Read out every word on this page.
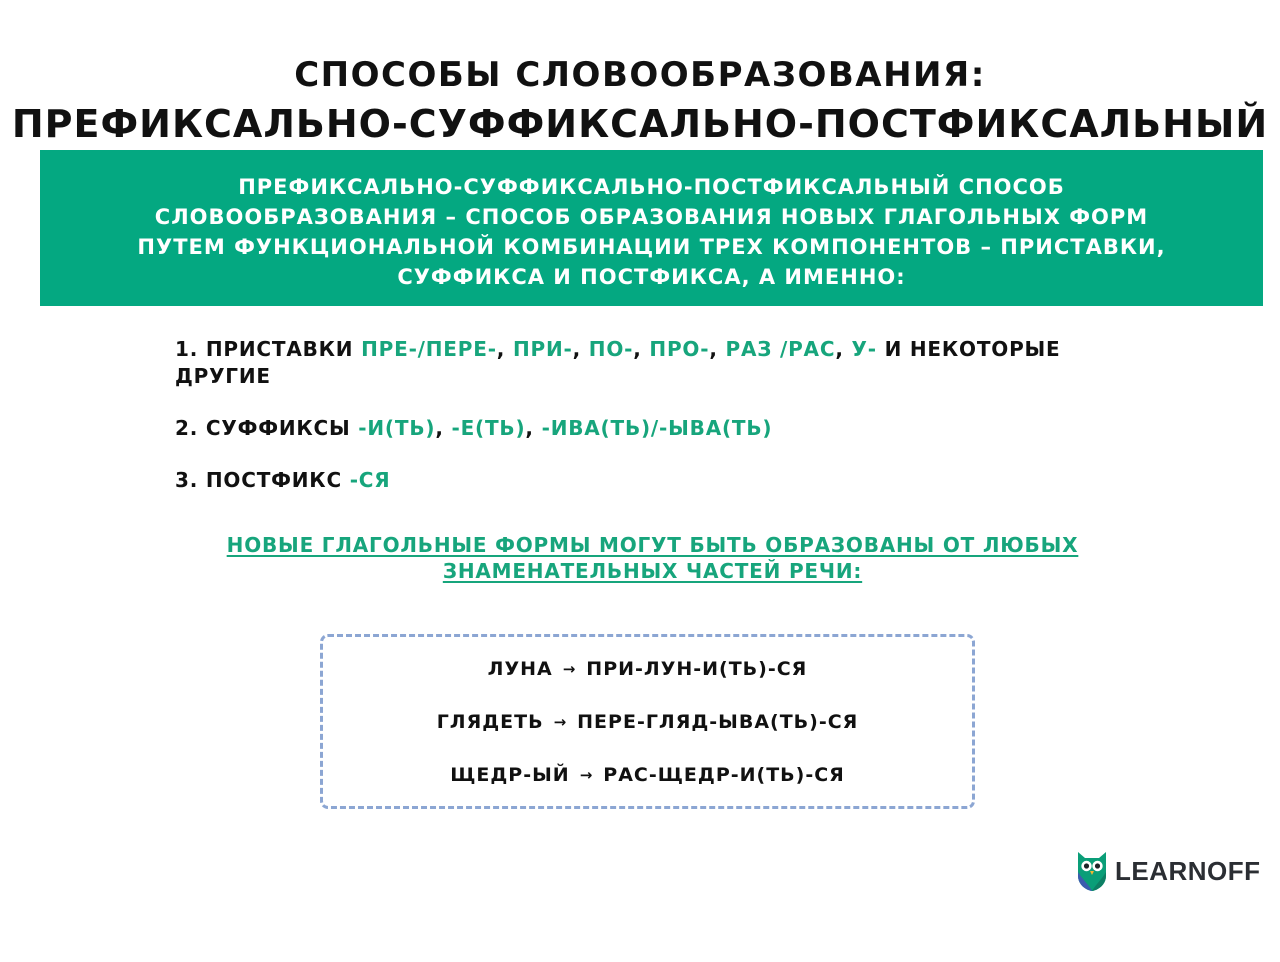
СПОСОБЫ СЛОВООБРАЗОВАНИЯ:
ПРЕФИКСАЛЬНО-СУФФИКСАЛЬНО-ПОСТФИКСАЛЬНЫЙ
ПРЕФИКСАЛЬНО-СУФФИКСАЛЬНО-ПОСТФИКСАЛЬНЫЙ СПОСОБ СЛОВООБРАЗОВАНИЯ – СПОСОБ ОБРАЗОВАНИЯ НОВЫХ ГЛАГОЛЬНЫХ ФОРМ ПУТЕМ ФУНКЦИОНАЛЬНОЙ КОМБИНАЦИИ ТРЕХ КОМПОНЕНТОВ – ПРИСТАВКИ, СУФФИКСА И ПОСТФИКСА, А ИМЕННО:
1. ПРИСТАВКИ ПРЕ-/ПЕРЕ-, ПРИ-, ПО-, ПРО-, РАЗ /РАС, У- И НЕКОТОРЫЕ ДРУГИЕ
2. СУФФИКСЫ -И(ТЬ), -Е(ТЬ), -ИВА(ТЬ)/-ЫВА(ТЬ)
3. ПОСТФИКС -СЯ
НОВЫЕ ГЛАГОЛЬНЫЕ ФОРМЫ МОГУТ БЫТЬ ОБРАЗОВАНЫ ОТ ЛЮБЫХ ЗНАМЕНАТЕЛЬНЫХ ЧАСТЕЙ РЕЧИ:
ЛУНА → ПРИ-ЛУН-И(ТЬ)-СЯ
ГЛЯДЕТЬ → ПЕРЕ-ГЛЯД-ЫВА(ТЬ)-СЯ
ЩЕДР-ЫЙ → РАС-ЩЕДР-И(ТЬ)-СЯ
LEARNOFF
